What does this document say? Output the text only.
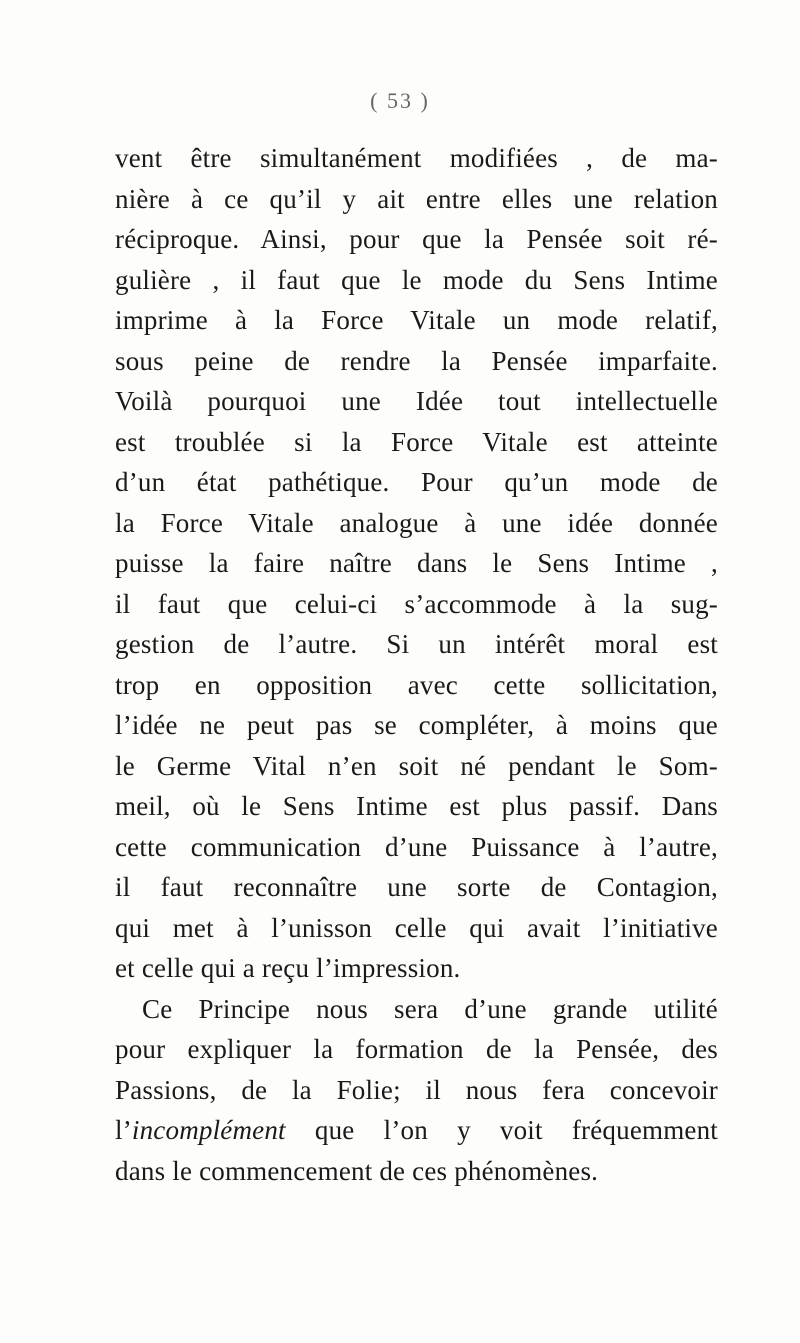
( 53 )
vent être simultanément modifiées , de ma-
nière à ce qu’il y ait entre elles une relation
réciproque. Ainsi, pour que la Pensée soit ré-
gulière , il faut que le mode du Sens Intime
imprime à la Force Vitale un mode relatif,
sous peine de rendre la Pensée imparfaite.
Voilà pourquoi une Idée tout intellectuelle
est troublée si la Force Vitale est atteinte
d’un état pathétique. Pour qu’un mode de
la Force Vitale analogue à une idée donnée
puisse la faire naître dans le Sens Intime ,
il faut que celui-ci s’accommode à la sug-
gestion de l’autre. Si un intérêt moral est
trop en opposition avec cette sollicitation,
l’idée ne peut pas se compléter, à moins que
le Germe Vital n’en soit né pendant le Som-
meil, où le Sens Intime est plus passif. Dans
cette communication d’une Puissance à l’autre,
il faut reconnaître une sorte de Contagion,
qui met à l’unisson celle qui avait l’initiative
et celle qui a reçu l’impression.
Ce Principe nous sera d’une grande utilité
pour expliquer la formation de la Pensée, des
Passions, de la Folie; il nous fera concevoir
l’incomplément que l’on y voit fréquemment
dans le commencement de ces phénomènes.
